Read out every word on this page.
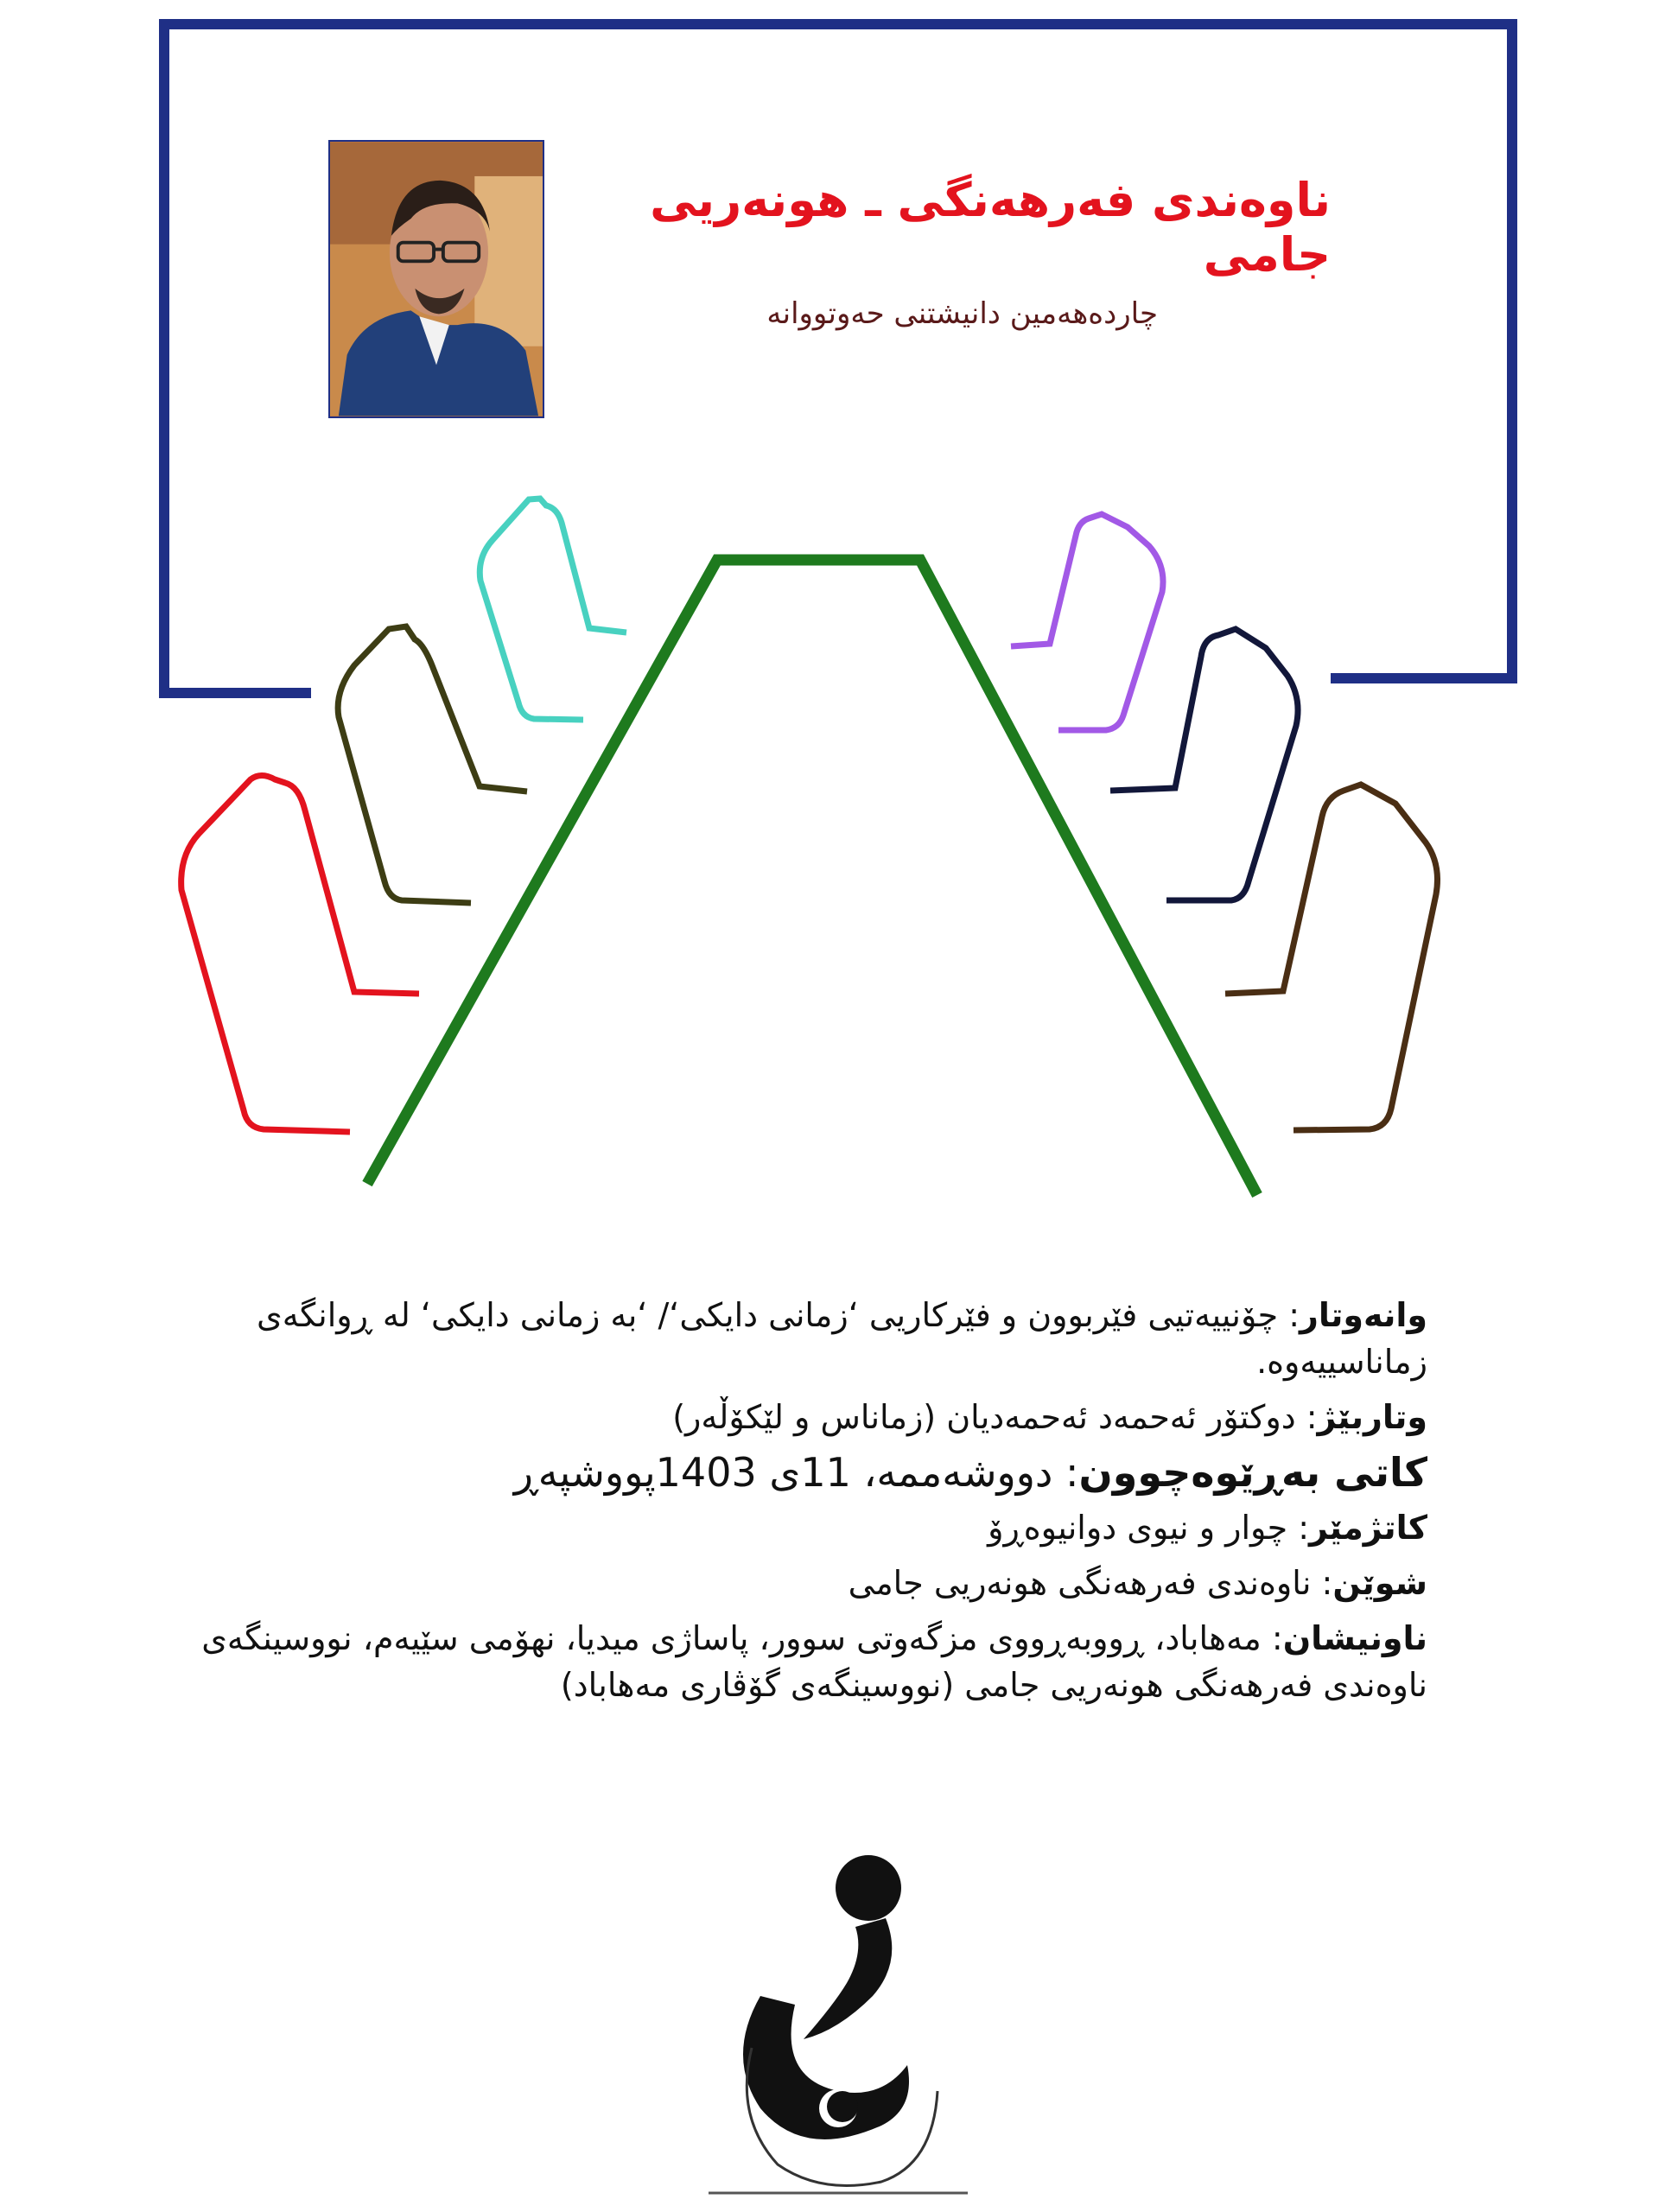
ناوەندی فەرهەنگی ـ هونەریی جامی
چاردەهەمین دانیشتنی حەوتووانە
وانەوتار: چۆنییەتیی فێربوون و فێرکاریی ‘زمانی دایکی‘/ ‘بە زمانی دایکی‘ لە ڕوانگەی زماناسییەوە.
وتاربێژ: دوکتۆر ئەحمەد ئەحمەدیان (زماناس و لێکۆڵەر)
کاتی بەڕێوەچوون: دووشەممە، 11ی 1403پووشپەڕ
کاتژمێر: چوار و نیوی دوانیوەڕۆ
شوێن: ناوەندی فەرهەنگی هونەریی جامی
ناونیشان: مەهاباد، ڕووبەڕووی مزگەوتی سوور، پاساژی میدیا، نهۆمی سێیەم، نووسینگەی ناوەندی فەرهەنگی هونەریی جامی (نووسینگەی گۆڤاری مەهاباد)
